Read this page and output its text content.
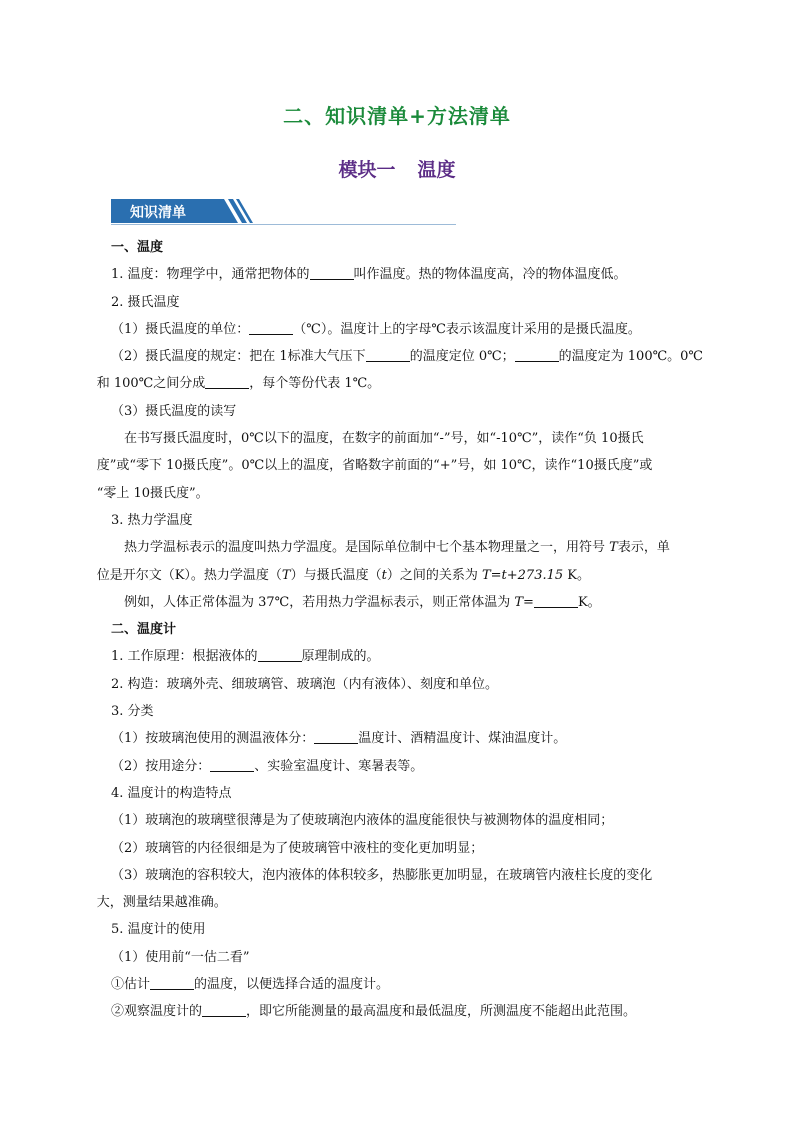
二、知识清单+方法清单
模块一 温度
知识清单
一、温度
1. 温度：物理学中，通常把物体的	叫作温度。热的物体温度高，冷的物体温度低。
2. 摄氏温度
（1）摄氏温度的单位：	（℃）。温度计上的字母℃表示该温度计采用的是摄氏温度。
（2）摄氏温度的规定：把在 1标准大气压下	的温度定位 0℃；	的温度定为 100℃。0℃
和 100℃之间分成	，每个等份代表 1℃。
（3）摄氏温度的读写
在书写摄氏温度时，0℃以下的温度，在数字的前面加“-”号，如“-10℃”，读作“负 10摄氏
度”或“零下 10摄氏度”。0℃以上的温度，省略数字前面的“+”号，如 10℃，读作“10摄氏度”或
“零上 10摄氏度”。
3. 热力学温度
热力学温标表示的温度叫热力学温度。是国际单位制中七个基本物理量之一，用符号 T表示，单
位是开尔文（K）。热力学温度（T）与摄氏温度（t）之间的关系为 T=t+273.15 K。
例如，人体正常体温为 37℃，若用热力学温标表示，则正常体温为 T=	K。
二、温度计
1. 工作原理：根据液体的	原理制成的。
2. 构造：玻璃外壳、细玻璃管、玻璃泡（内有液体）、刻度和单位。
3. 分类
（1）按玻璃泡使用的测温液体分：	温度计、酒精温度计、煤油温度计。
（2）按用途分：	、实验室温度计、寒暑表等。
4. 温度计的构造特点
（1）玻璃泡的玻璃壁很薄是为了使玻璃泡内液体的温度能很快与被测物体的温度相同；
（2）玻璃管的内径很细是为了使玻璃管中液柱的变化更加明显；
（3）玻璃泡的容积较大，泡内液体的体积较多，热膨胀更加明显，在玻璃管内液柱长度的变化
大，测量结果越准确。
5. 温度计的使用
（1）使用前“一估二看”
①估计	的温度，以便选择合适的温度计。
②观察温度计的	，即它所能测量的最高温度和最低温度，所测温度不能超出此范围。
